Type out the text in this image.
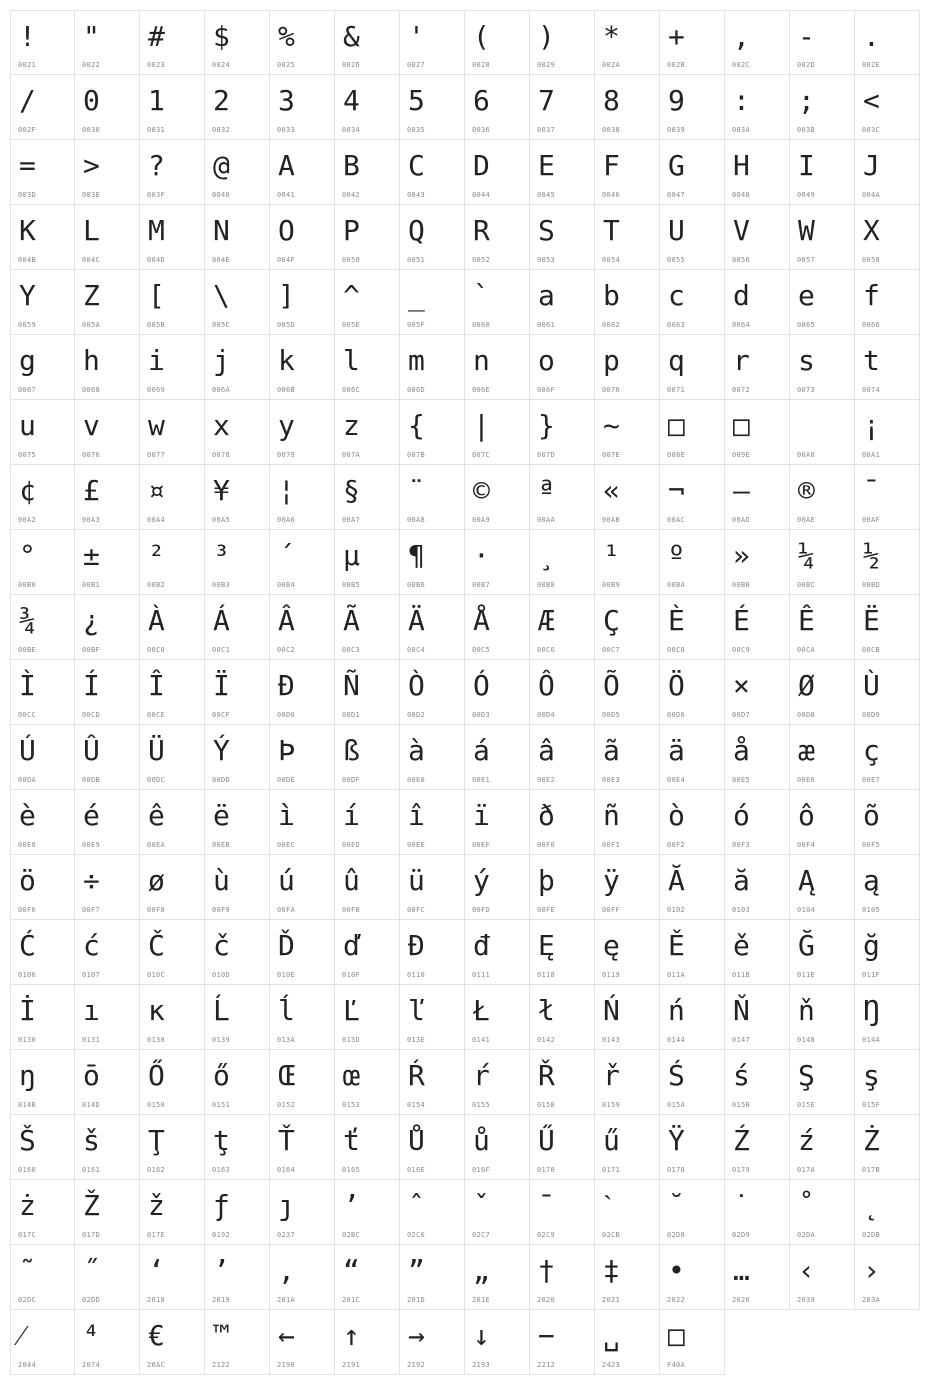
!
0021
"
0022
#
0023
$
0024
%
0025
&
0026
'
0027
(
0028
)
0029
*
002A
+
002B
,
002C
-
002D
.
002E
/
002F
0
0030
1
0031
2
0032
3
0033
4
0034
5
0035
6
0036
7
0037
8
0038
9
0039
:
003A
;
003B
<
003C
=
003D
>
003E
?
003F
@
0040
A
0041
B
0042
C
0043
D
0044
E
0045
F
0046
G
0047
H
0048
I
0049
J
004A
K
004B
L
004C
M
004D
N
004E
O
004F
P
0050
Q
0051
R
0052
S
0053
T
0054
U
0055
V
0056
W
0057
X
0058
Y
0059
Z
005A
[
005B
\
005C
]
005D
^
005E
_
005F
`
0060
a
0061
b
0062
c
0063
d
0064
e
0065
f
0066
g
0067
h
0068
i
0069
j
006A
k
006B
l
006C
m
006D
n
006E
o
006F
p
0070
q
0071
r
0072
s
0073
t
0074
u
0075
v
0076
w
0077
x
0078
y
0079
z
007A
{
007B
|
007C
}
007D
~
007E
□
008E
□
009E	00A0
¡
00A1
¢
00A2
£
00A3
¤
00A4
¥
00A5
¦
00A6
§
00A7
¨
00A8
©
00A9
ª
00AA
«
00AB
¬
00AC
–
00AD
®
00AE
¯
00AF
°
00B0
±
00B1
²
00B2
³
00B3
´
00B4
µ
00B5
¶
00B6
·
00B7
¸
00B8
¹
00B9
º
00BA
»
00BB
¼
00BC
½
00BD
¾
00BE
¿
00BF
À
00C0
Á
00C1
Â
00C2
Ã
00C3
Ä
00C4
Å
00C5
Æ
00C6
Ç
00C7
È
00C8
É
00C9
Ê
00CA
Ë
00CB
Ì
00CC
Í
00CD
Î
00CE
Ï
00CF
Ð
00D0
Ñ
00D1
Ò
00D2
Ó
00D3
Ô
00D4
Õ
00D5
Ö
00D6
×
00D7
Ø
00D8
Ù
00D9
Ú
00DA
Û
00DB
Ü
00DC
Ý
00DD
Þ
00DE
ß
00DF
à
00E0
á
00E1
â
00E2
ã
00E3
ä
00E4
å
00E5
æ
00E6
ç
00E7
è
00E8
é
00E9
ê
00EA
ë
00EB
ì
00EC
í
00ED
î
00EE
ï
00EF
ð
00F0
ñ
00F1
ò
00F2
ó
00F3
ô
00F4
õ
00F5
ö
00F6
÷
00F7
ø
00F8
ù
00F9
ú
00FA
û
00FB
ü
00FC
ý
00FD
þ
00FE
ÿ
00FF
Ă
0102
ă
0103
Ą
0104
ą
0105
Ć
0106
ć
0107
Č
010C
č
010D
Ď
010E
ď
010F
Đ
0110
đ
0111
Ę
0118
ę
0119
Ě
011A
ě
011B
Ğ
011E
ğ
011F
İ
0130
ı
0131
ĸ
0138
Ĺ
0139
ĺ
013A
Ľ
013D
ľ
013E
Ł
0141
ł
0142
Ń
0143
ń
0144
Ň
0147
ň
0148
Ŋ
014A
ŋ
014B
ō
014D
Ő
0150
ő
0151
Œ
0152
œ
0153
Ŕ
0154
ŕ
0155
Ř
0158
ř
0159
Ś
015A
ś
015B
Ş
015E
ş
015F
Š
0160
š
0161
Ţ
0162
ţ
0163
Ť
0164
ť
0165
Ů
016E
ů
016F
Ű
0170
ű
0171
Ÿ
0178
Ź
0179
ź
017A
Ż
017B
ż
017C
Ž
017D
ž
017E
ƒ
0192
ȷ
0237
ʼ
02BC
ˆ
02C6
ˇ
02C7
ˉ
02C9
ˋ
02CB
˘
02D8
˙
02D9
˚
02DA
˛
02DB
˜
02DC
˝
02DD
‘
2018
’
2019
‚
201A
“
201C
”
201D
„
201E
†
2020
‡
2021
•
2022
…
2026
‹
2039
›
203A
⁄
2044
⁴
2074
€
20AC
™
2122
←
2190
↑
2191
→
2192
↓
2193
−
2212
␣
2423
□
F40A
